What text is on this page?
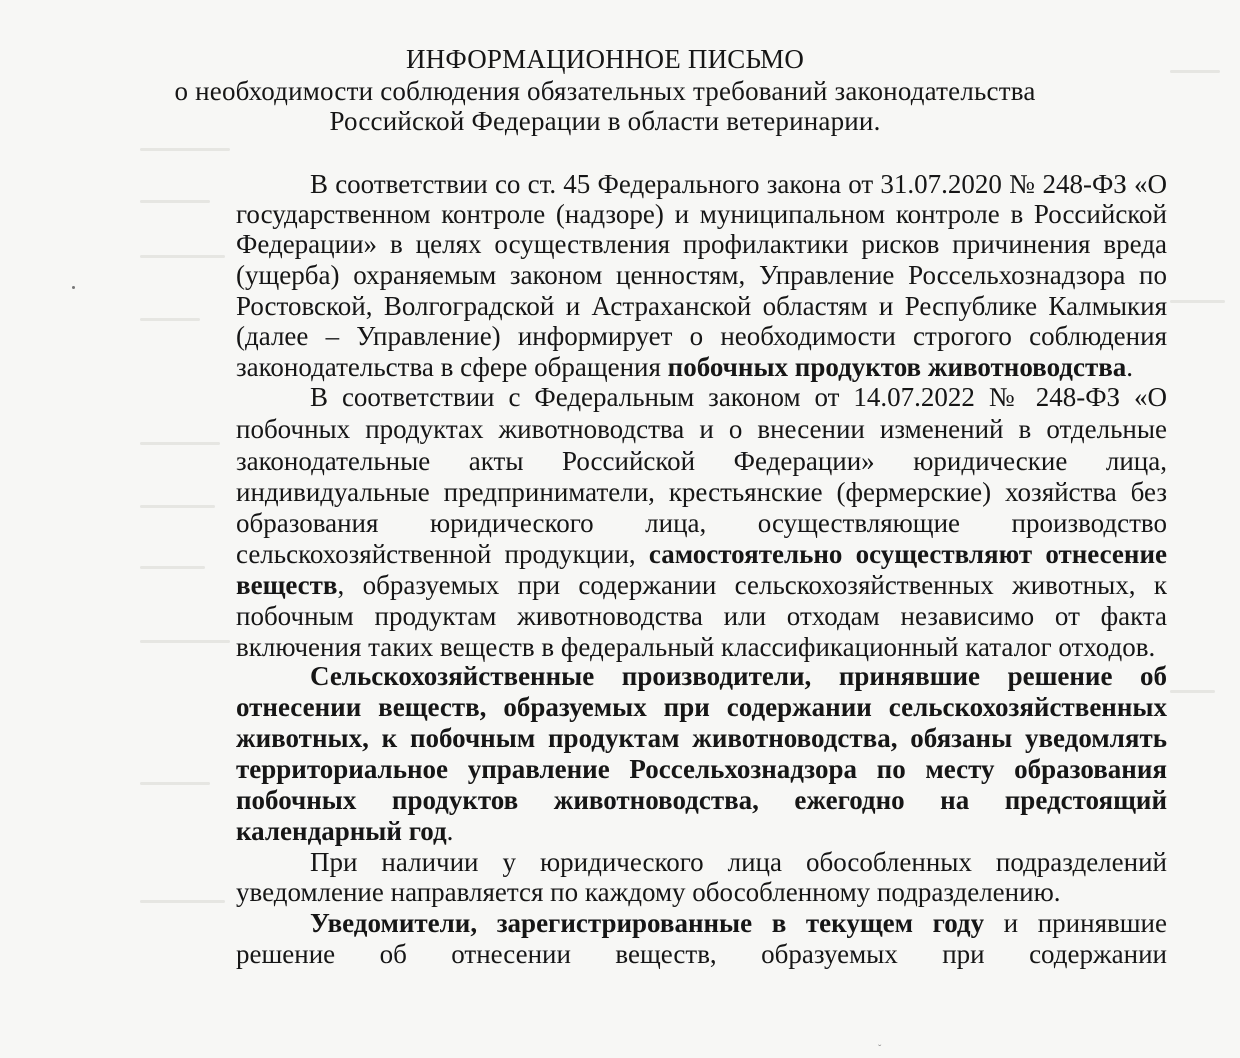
ИНФОРМАЦИОННОЕ ПИСЬМО
о необходимости соблюдения обязательных требований законодательства
Российской Федерации в области ветеринарии.
В соответствии со ст. 45 Федерального закона от 31.07.2020 № 248-ФЗ «О
государственном контроле (надзоре) и муниципальном контроле в Российской
Федерации» в целях осуществления профилактики рисков причинения вреда
(ущерба) охраняемым законом ценностям, Управление Россельхознадзора по
Ростовской, Волгоградской и Астраханской областям и Республике Калмыкия
(далее – Управление) информирует о необходимости строгого соблюдения
законодательства в сфере обращения побочных продуктов животноводства.
В соответствии с Федеральным законом от 14.07.2022 № 248-ФЗ «О
побочных продуктах животноводства и о внесении изменений в отдельные
законодательные акты Российской Федерации» юридические лица,
индивидуальные предприниматели, крестьянские (фермерские) хозяйства без
образования юридического лица, осуществляющие производство
сельскохозяйственной продукции, самостоятельно осуществляют отнесение
веществ, образуемых при содержании сельскохозяйственных животных, к
побочным продуктам животноводства или отходам независимо от факта
включения таких веществ в федеральный классификационный каталог отходов.
Сельскохозяйственные производители, принявшие решение об
отнесении веществ, образуемых при содержании сельскохозяйственных
животных, к побочным продуктам животноводства, обязаны уведомлять
территориальное управление Россельхознадзора по месту образования
побочных продуктов животноводства, ежегодно на предстоящий
календарный год.
При наличии у юридического лица обособленных подразделений
уведомление направляется по каждому обособленному подразделению.
Уведомители, зарегистрированные в текущем году и принявшие
решение об отнесении веществ, образуемых при содержании
ˇ
